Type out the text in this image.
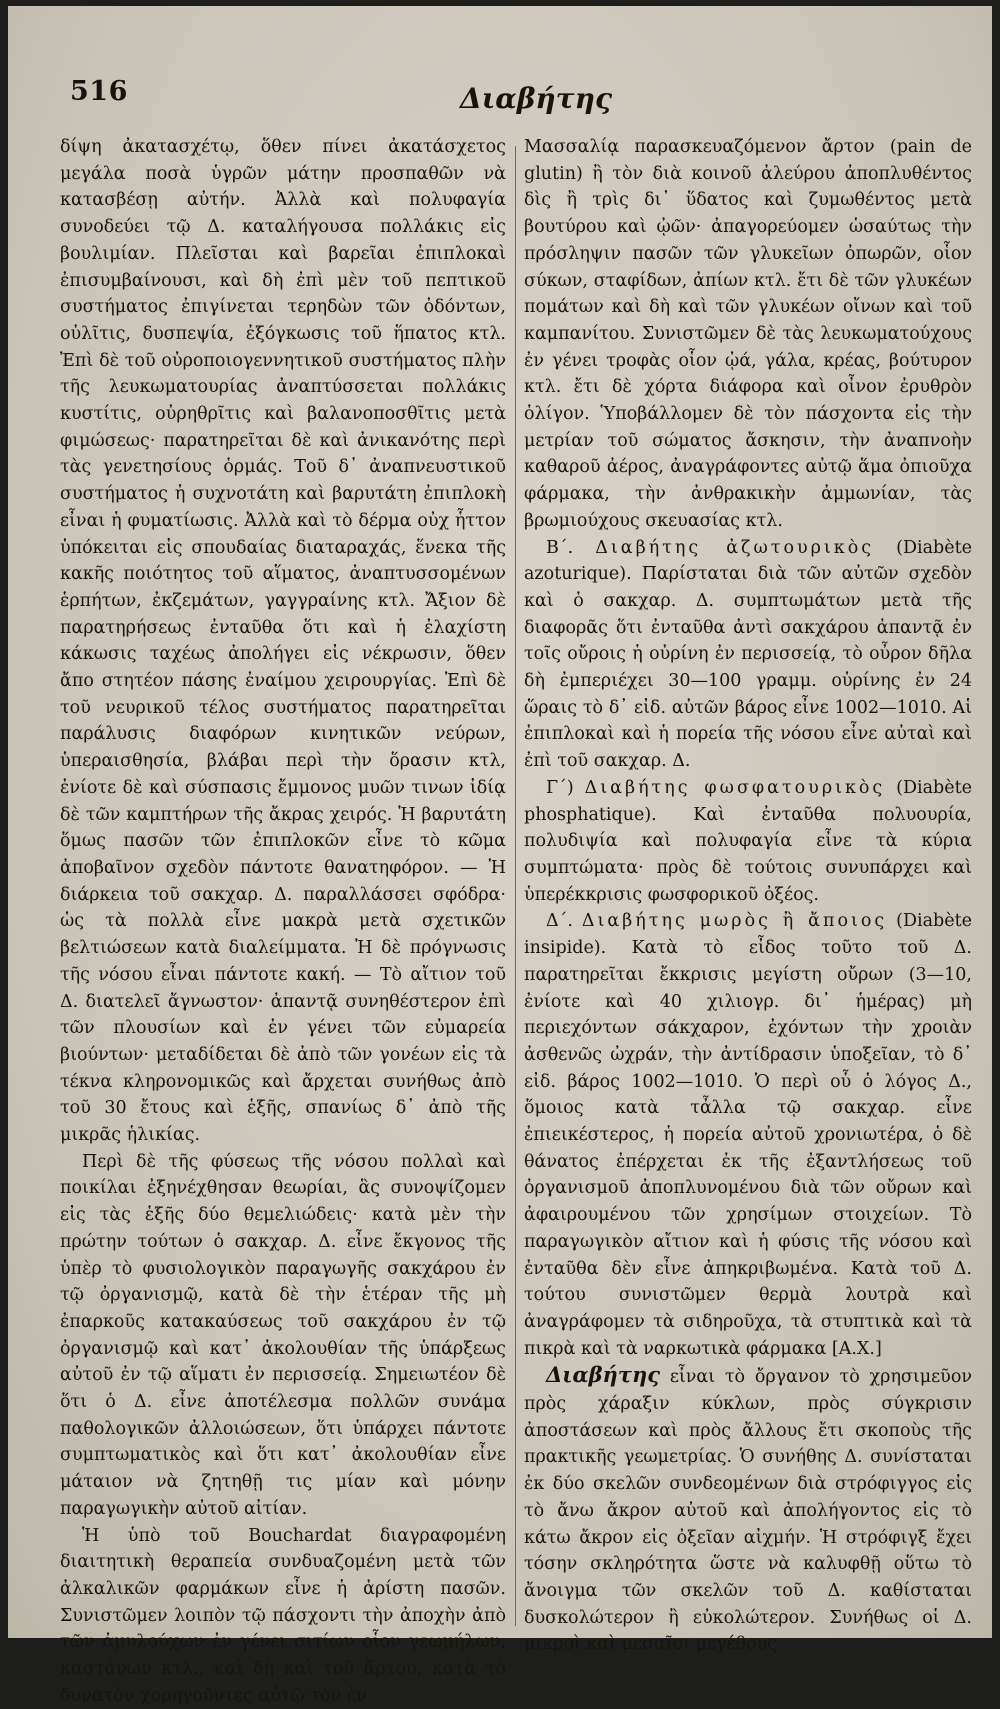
516	Διαβήτης

δίψη ἀκατασχέτῳ, ὅθεν πίνει ἀκατάσχετος μεγάλα ποσὰ ὑγρῶν μάτην προσπαθῶν νὰ κατασβέσῃ αὐτήν. Ἀλλὰ καὶ πολυφαγία συνοδεύει τῷ Δ. καταλήγουσα πολλάκις εἰς βουλιμίαν. Πλεῖσται καὶ βαρεῖαι ἐπιπλοκαὶ ἐπισυμβαίνουσι, καὶ δὴ ἐπὶ μὲν τοῦ πεπτικοῦ συστήματος ἐπιγίνεται τερηδὼν τῶν ὀδόντων, οὐλῖτις, δυσπεψία, ἐξόγκωσις τοῦ ἥπατος κτλ. Ἐπὶ δὲ τοῦ οὐροποιογεννητικοῦ συστήματος πλὴν τῆς λευκωματουρίας ἀναπτύσσεται πολλάκις κυστίτις, οὐρηθρῖτις καὶ βαλανοποσθῖτις μετὰ φιμώσεως· παρατηρεῖται δὲ καὶ ἀνικανότης περὶ τὰς γενετησίους ὁρμάς. Τοῦ δ᾽ ἀναπνευστικοῦ συστήματος ἡ συχνοτάτη καὶ βαρυτάτη ἐπιπλοκὴ εἶναι ἡ φυματίωσις. Ἀλλὰ καὶ τὸ δέρμα οὐχ ἧττον ὑπόκειται εἰς σπουδαίας διαταραχάς, ἕνεκα τῆς κακῆς ποιότητος τοῦ αἵματος, ἀναπτυσσομένων ἑρπήτων, ἐκζεμάτων, γαγγραίνης κτλ. Ἄξιον δὲ παρατηρήσεως ἐνταῦθα ὅτι καὶ ἡ ἐλαχίστη κάκωσις ταχέως ἀπολήγει εἰς νέκρωσιν, ὅθεν ἄπο στητέον πάσης ἐναίμου χειρουργίας. Ἐπὶ δὲ τοῦ νευρικοῦ τέλος συστήματος παρατηρεῖται παράλυσις διαφόρων κινητικῶν νεύρων, ὑπεραισθησία, βλάβαι περὶ τὴν ὅρασιν κτλ, ἐνίοτε δὲ καὶ σύσπασις ἔμμονος μυῶν τινων ἰδίᾳ δὲ τῶν καμπτήρων τῆς ἄκρας χειρός. Ἡ βαρυτάτη ὅμως πασῶν τῶν ἐπιπλοκῶν εἶνε τὸ κῶμα ἀποβαῖνον σχεδὸν πάντοτε θανατηφόρον. — Ἡ διάρκεια τοῦ σακχαρ. Δ. παραλλάσσει σφόδρα· ὡς τὰ πολλὰ εἶνε μακρὰ μετὰ σχετικῶν βελτιώσεων κατὰ διαλείμματα. Ἡ δὲ πρόγνωσις τῆς νόσου εἶναι πάντοτε κακή. — Τὸ αἴτιον τοῦ Δ. διατελεῖ ἄγνωστον· ἀπαντᾷ συνηθέστερον ἐπὶ τῶν πλουσίων καὶ ἐν γένει τῶν εὐμαρεία βιούντων· μεταδίδεται δὲ ἀπὸ τῶν γονέων εἰς τὰ τέκνα κληρονομικῶς καὶ ἄρχεται συνήθως ἀπὸ τοῦ 30 ἔτους καὶ ἑξῆς, σπανίως δ᾽ ἀπὸ τῆς μικρᾶς ἡλικίας.

Περὶ δὲ τῆς φύσεως τῆς νόσου πολλαὶ καὶ ποικίλαι ἐξηνέχθησαν θεωρίαι, ἃς συνοψίζομεν εἰς τὰς ἑξῆς δύο θεμελιώδεις· κατὰ μὲν τὴν πρώτην τούτων ὁ σακχαρ. Δ. εἶνε ἔκγονος τῆς ὑπὲρ τὸ φυσιολογικὸν παραγωγῆς σακχάρου ἐν τῷ ὀργανισμῷ, κατὰ δὲ τὴν ἑτέραν τῆς μὴ ἐπαρκοῦς κατακαύσεως τοῦ σακχάρου ἐν τῷ ὀργανισμῷ καὶ κατ᾽ ἀκολουθίαν τῆς ὑπάρξεως αὐτοῦ ἐν τῷ αἵματι ἐν περισσείᾳ. Σημειωτέον δὲ ὅτι ὁ Δ. εἶνε ἀποτέλεσμα πολλῶν συνάμα παθολογικῶν ἀλλοιώσεων, ὅτι ὑπάρχει πάντοτε συμπτωματικὸς καὶ ὅτι κατ᾽ ἀκολουθίαν εἶνε μάταιον νὰ ζητηθῇ τις μίαν καὶ μόνην παραγωγικὴν αὐτοῦ αἰτίαν.

Ἡ ὑπὸ τοῦ Bouchardat διαγραφομένη διαιτητικὴ θεραπεία συνδυαζομένη μετὰ τῶν ἀλκαλικῶν φαρμάκων εἶνε ἡ ἀρίστη πασῶν. Συνιστῶμεν λοιπὸν τῷ πάσχοντι τὴν ἀποχὴν ἀπὸ τῶν ἀμυλούχων ἐν γένει σιτίων οἷον γεωμήλων, καστάνων κτλ., καὶ δὴ καὶ τοῦ ἄρτου, κατὰ τὸ δυνατὸν χορηγοῦντες αὐτῷ τὸν ἐν

Μασσαλίᾳ παρασκευαζόμενον ἄρτον (pain de glutin) ἢ τὸν διὰ κοινοῦ ἀλεύρου ἀποπλυθέντος δὶς ἢ τρὶς δι᾽ ὕδατος καὶ ζυμωθέντος μετὰ βουτύρου καὶ ᾠῶν· ἀπαγορεύομεν ὡσαύτως τὴν πρόσληψιν πασῶν τῶν γλυκεῖων ὀπωρῶν, οἷον σύκων, σταφίδων, ἀπίων κτλ. ἔτι δὲ τῶν γλυκέων πομάτων καὶ δὴ καὶ τῶν γλυκέων οἴνων καὶ τοῦ καμπανίτου. Συνιστῶμεν δὲ τὰς λευκωματούχους ἐν γένει τροφὰς οἷον ᾠά, γάλα, κρέας, βούτυρον κτλ. ἔτι δὲ χόρτα διάφορα καὶ οἶνον ἐρυθρὸν ὀλίγον. Ὑποβάλλομεν δὲ τὸν πάσχοντα εἰς τὴν μετρίαν τοῦ σώματος ἄσκησιν, τὴν ἀναπνοὴν καθαροῦ ἀέρος, ἀναγράφοντες αὐτῷ ἅμα ὀπιοῦχα φάρμακα, τὴν ἀνθρακικὴν ἀμμωνίαν, τὰς βρωμιούχους σκευασίας κτλ.

Β΄. Διαβήτης ἀζωτουρικὸς (Diabète azoturique). Παρίσταται διὰ τῶν αὐτῶν σχεδὸν καὶ ὁ σακχαρ. Δ. συμπτωμάτων μετὰ τῆς διαφορᾶς ὅτι ἐνταῦθα ἀντὶ σακχάρου ἀπαντᾷ ἐν τοῖς οὔροις ἡ οὐρίνη ἐν περισσείᾳ, τὸ οὖρον δῆλα δὴ ἐμπεριέχει 30—100 γραμμ. οὐρίνης ἐν 24 ὥραις τὸ δ᾽ εἰδ. αὐτῶν βάρος εἶνε 1002—1010. Αἱ ἐπιπλοκαὶ καὶ ἡ πορεία τῆς νόσου εἶνε αὐταὶ καὶ ἐπὶ τοῦ σακχαρ. Δ.

Γ΄) Διαβήτης φωσφατουρικὸς (Diabète phosphatique). Καὶ ἐνταῦθα πολυουρία, πολυδιψία καὶ πολυφαγία εἶνε τὰ κύρια συμπτώματα· πρὸς δὲ τούτοις συνυπάρχει καὶ ὑπερέκκρισις φωσφορικοῦ ὀξέος.

Δ΄. Διαβήτης μωρὸς ἢ ἄποιος (Diabète insipide). Κατὰ τὸ εἶδος τοῦτο τοῦ Δ. παρατηρεῖται ἔκκρισις μεγίστη οὔρων (3—10, ἐνίοτε καὶ 40 χιλιογρ. δι᾽ ἡμέρας) μὴ περιεχόντων σάκχαρον, ἐχόντων τὴν χροιὰν ἀσθενῶς ὠχράν, τὴν ἀντίδρασιν ὑποξεῖαν, τὸ δ᾽ εἰδ. βάρος 1002—1010. Ὁ περὶ οὗ ὁ λόγος Δ., ὅμοιος κατὰ τἆλλα τῷ σακχαρ. εἶνε ἐπιεικέστερος, ἡ πορεία αὐτοῦ χρονιωτέρα, ὁ δὲ θάνατος ἐπέρχεται ἐκ τῆς ἐξαντλήσεως τοῦ ὀργανισμοῦ ἀποπλυνομένου διὰ τῶν οὔρων καὶ ἀφαιρουμένου τῶν χρησίμων στοιχείων. Τὸ παραγωγικὸν αἴτιον καὶ ἡ φύσις τῆς νόσου καὶ ἐνταῦθα δὲν εἶνε ἀπηκριβωμένα. Κατὰ τοῦ Δ. τούτου συνιστῶμεν θερμὰ λουτρὰ καὶ ἀναγράφομεν τὰ σιδηροῦχα, τὰ στυπτικὰ καὶ τὰ πικρὰ καὶ τὰ ναρκωτικὰ φάρμακα [Α.Χ.]

Διαβήτης εἶναι τὸ ὄργανον τὸ χρησιμεῦον πρὸς χάραξιν κύκλων, πρὸς σύγκρισιν ἀποστάσεων καὶ πρὸς ἄλλους ἔτι σκοποὺς τῆς πρακτικῆς γεωμετρίας. Ὁ συνήθης Δ. συνίσταται ἐκ δύο σκελῶν συνδεομένων διὰ στρόφιγγος εἰς τὸ ἄνω ἄκρον αὐτοῦ καὶ ἀπολήγοντος εἰς τὸ κάτω ἄκρον εἰς ὀξεῖαν αἰχμήν. Ἡ στρόφιγξ ἔχει τόσην σκληρότητα ὥστε νὰ καλυφθῇ οὕτω τὸ ἄνοιγμα τῶν σκελῶν τοῦ Δ. καθίσταται δυσκολώτερον ἢ εὐκολώτερον. Συνήθως οἱ Δ. μικροὶ καὶ μεσαῖοι μεγέθους
